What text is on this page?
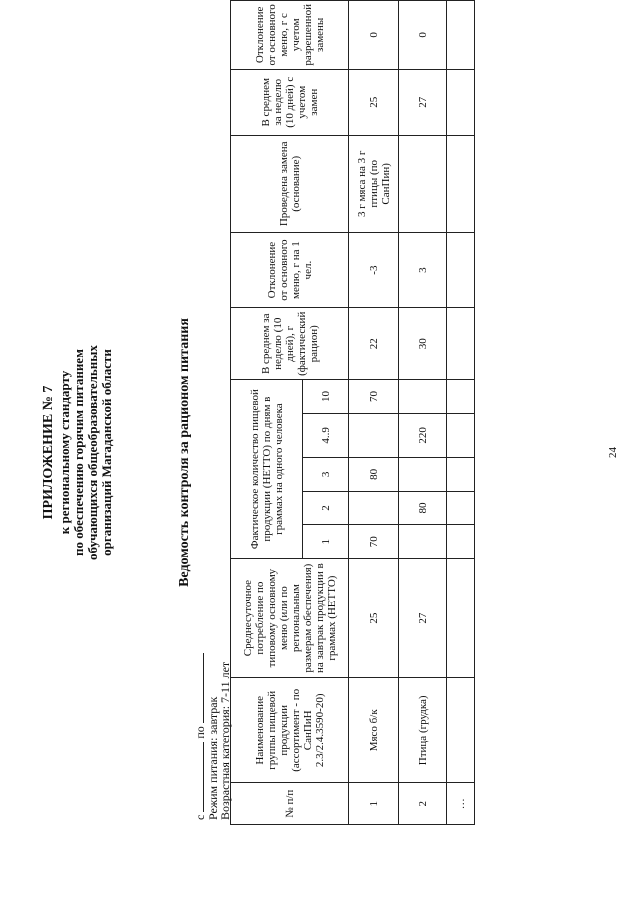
ПРИЛОЖЕНИЕ № 7 к региональному стандарту по обеспечению горячим питанием обучающихся общеобразовательных организаций Магаданской области	Ведомость контроля за рационом питания
с  по Режим питания: завтрак
Возрастная категория: 7-11 лет	№ п/п	Наименование группы пищевой продукции (ассортимент - по СанПиН 2.3/2.4.3590-20)	Среднесуточное потребление по типовому основному меню (или по региональным размерам обеспечения) на завтрак продукции в граммах (НЕТТО)	Фактическое количество пищевой продукции (НЕТТО) по дням в граммах на одного человека					В среднем за неделю (10 дней), г (фактический рацион)	Отклонение от основного меню, г на 1 чел.	Проведена замена (основание)	В среднем за неделю (10 дней) с учетом замен	Отклонение от основного меню, г с учетом разрешенной замены
			1	2	3	4..9	10					
1	Мясо б/к	25	70		80		70	22	-3	3 г мяса на 3 г птицы (по СанПин)	25	0
2	Птица (грудка)	27		80		220		30	3		27	0
…												
24
